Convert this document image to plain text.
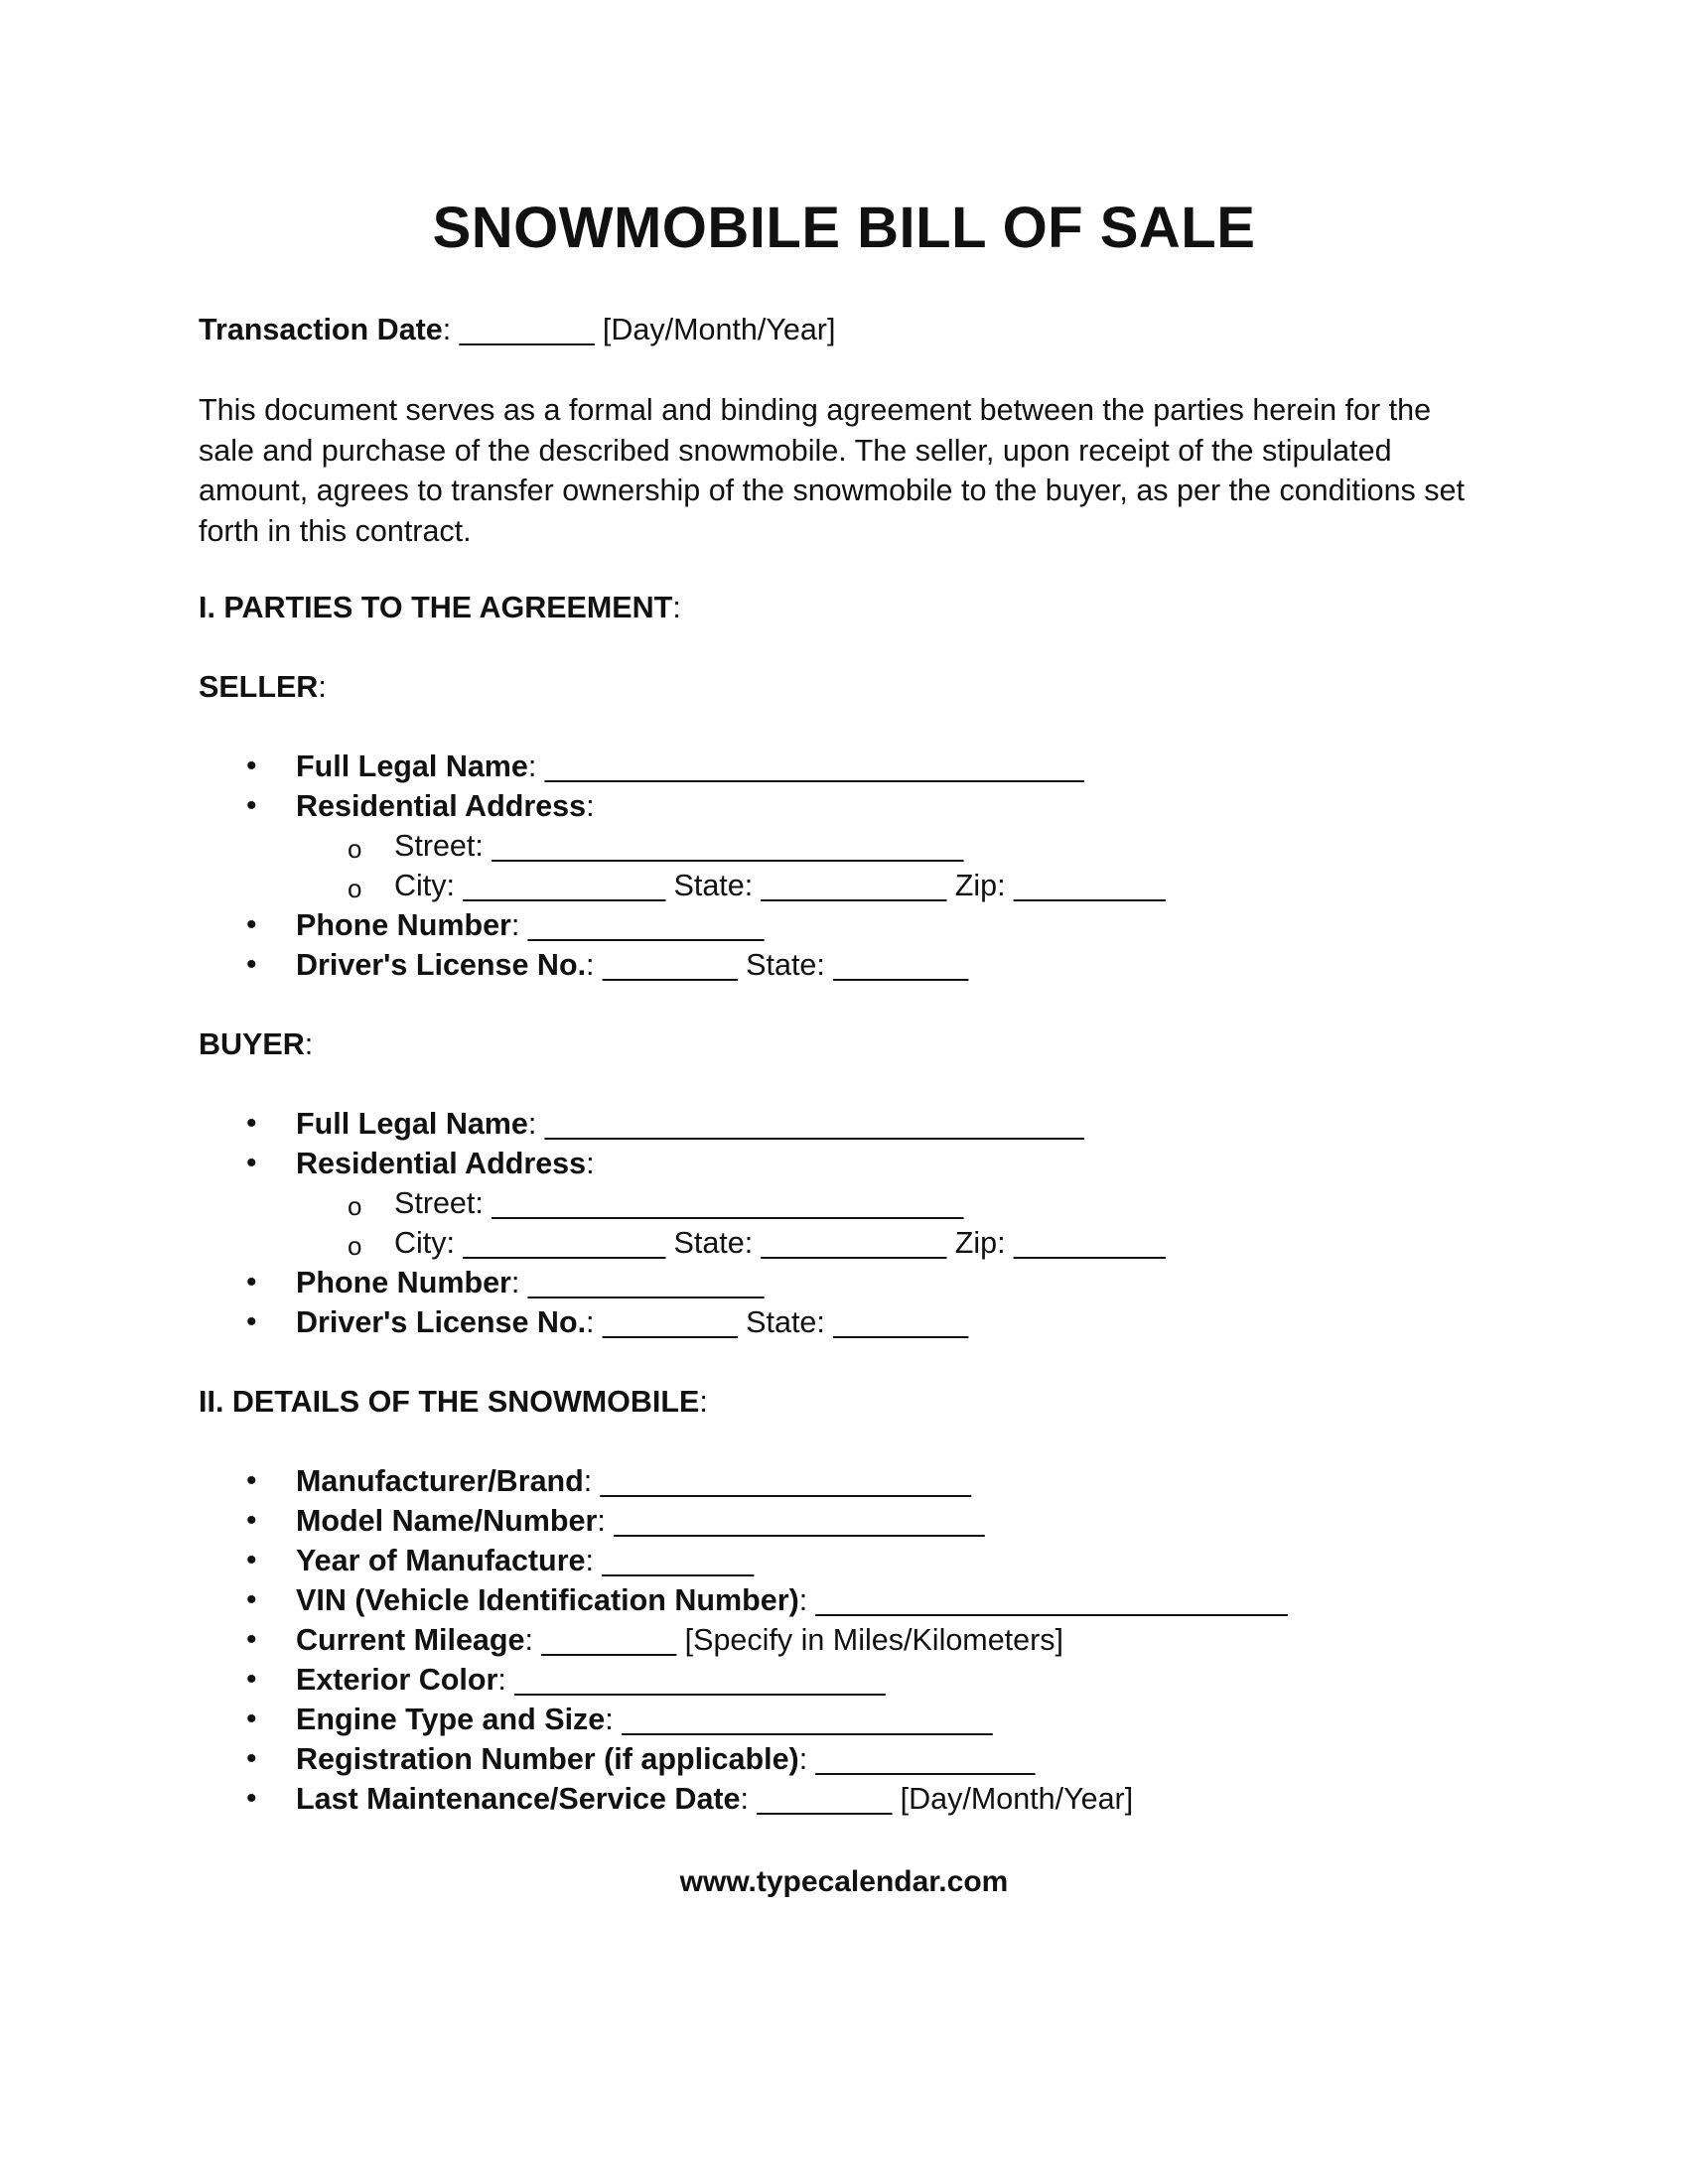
SNOWMOBILE BILL OF SALE
Transaction Date: ________ [Day/Month/Year]
This document serves as a formal and binding agreement between the parties herein for the
sale and purchase of the described snowmobile. The seller, upon receipt of the stipulated
amount, agrees to transfer ownership of the snowmobile to the buyer, as per the conditions set
forth in this contract.
I. PARTIES TO THE AGREEMENT:
SELLER:
• Full Legal Name: ________________________________
• Residential Address:
o Street: ____________________________
o City: ____________ State: ___________ Zip: _________
• Phone Number: ______________
• Driver's License No.: ________ State: ________
BUYER:
• Full Legal Name: ________________________________
• Residential Address:
o Street: ____________________________
o City: ____________ State: ___________ Zip: _________
• Phone Number: ______________
• Driver's License No.: ________ State: ________
II. DETAILS OF THE SNOWMOBILE:
• Manufacturer/Brand: ______________________
• Model Name/Number: ______________________
• Year of Manufacture: _________
• VIN (Vehicle Identification Number): ____________________________
• Current Mileage: ________ [Specify in Miles/Kilometers]
• Exterior Color: ______________________
• Engine Type and Size: ______________________
• Registration Number (if applicable): _____________
• Last Maintenance/Service Date: ________ [Day/Month/Year]
www.typecalendar.com
